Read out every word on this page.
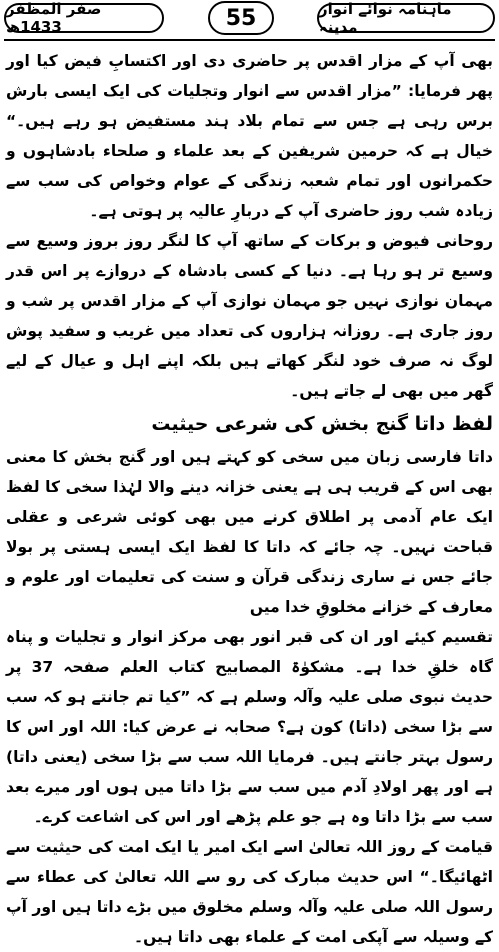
صفر المظفر 1433ھ	55	ماہنامہ نوائے انوار مدینہ

بھی آپ کے مزار اقدس پر حاضری دی اور اکتسابِ فیض کیا اور پھر فرمایا: ”مزار اقدس سے انوار وتجلیات کی ایک ایسی بارش برس رہی ہے جس سے تمام بلاد ہند مستفیض ہو رہے ہیں۔“ خیال ہے کہ حرمین شریفین کے بعد علماء و صلحاء بادشاہوں و حکمرانوں اور تمام شعبہ زندگی کے عوام وخواص کی سب سے زیادہ شب روز حاضری آپ کے دربارِ عالیہ پر ہوتی ہے۔

روحانی فیوض و برکات کے ساتھ آپ کا لنگر روز بروز وسیع سے وسیع تر ہو رہا ہے۔ دنیا کے کسی بادشاہ کے دروازے پر اس قدر مہمان نوازی نہیں جو مہمان نوازی آپ کے مزار اقدس پر شب و روز جاری ہے۔ روزانہ ہزاروں کی تعداد میں غریب و سفید پوش لوگ نہ صرف خود لنگر کھاتے ہیں بلکہ اپنے اہل و عیال کے لیے گھر میں بھی لے جاتے ہیں۔

لفظ داتا گنج بخش کی شرعی حیثیت

داتا فارسی زبان میں سخی کو کہتے ہیں اور گنج بخش کا معنی بھی اس کے قریب ہی ہے یعنی خزانہ دینے والا لہٰذا سخی کا لفظ ایک عام آدمی پر اطلاق کرنے میں بھی کوئی شرعی و عقلی قباحت نہیں۔ چہ جائے کہ داتا کا لفظ ایک ایسی ہستی پر بولا جائے جس نے ساری زندگی قرآن و سنت کی تعلیمات اور علوم و معارف کے خزانے مخلوقِ خدا میں

تقسیم کیئے اور ان کی قبر انور بھی مرکز انوار و تجلیات و پناہ گاہ خلقِ خدا ہے۔ مشکوٰۃ المصابیح کتاب العلم صفحہ 37 پر حدیث نبوی صلی علیہ وآلہ وسلم ہے کہ ”کیا تم جانتے ہو کہ سب سے بڑا سخی (داتا) کون ہے؟ صحابہ نے عرض کیا: اللہ اور اس کا رسول بہتر جانتے ہیں۔ فرمایا اللہ سب سے بڑا سخی (یعنی داتا) ہے اور پھر اولادِ آدم میں سب سے بڑا داتا میں ہوں اور میرے بعد سب سے بڑا داتا وہ ہے جو علم پڑھے اور اس کی اشاعت کرے۔

قیامت کے روز اللہ تعالیٰ اسے ایک امیر یا ایک امت کی حیثیت سے اٹھائیگا۔“ اس حدیث مبارک کی رو سے اللہ تعالیٰ کی عطاء سے رسول اللہ صلی علیہ وآلہ وسلم مخلوق میں بڑے داتا ہیں اور آپ کے وسیلہ سے آپکی امت کے علماء بھی داتا ہیں۔
